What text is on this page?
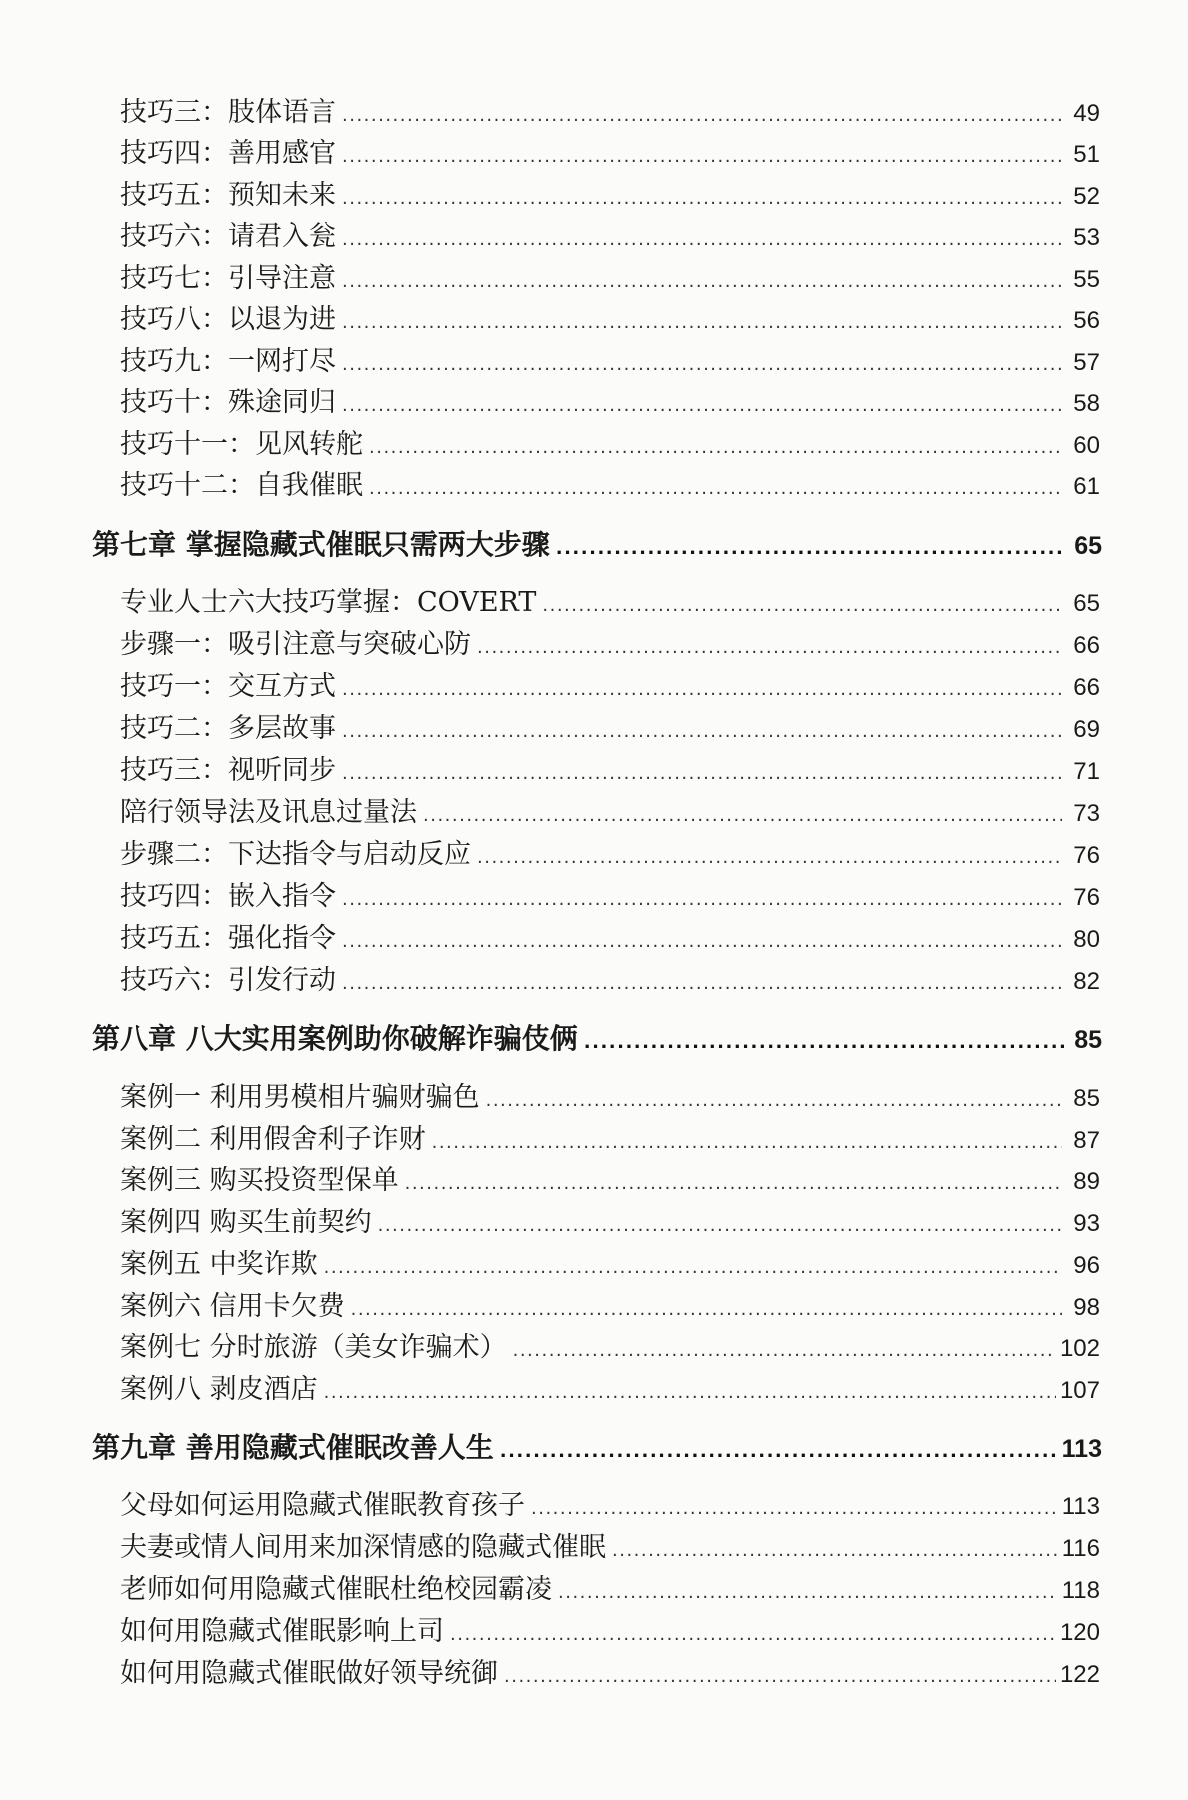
技巧三：肢体语言 .....	49
技巧四：善用感官 .....	51
技巧五：预知未来 .....	52
技巧六：请君入瓮 .....	53
技巧七：引导注意 .....	55
技巧八：以退为进 .....	56
技巧九：一网打尽 .....	57
技巧十：殊途同归 .....	58
技巧十一：见风转舵 .....	60
技巧十二：自我催眠 .....	61
第七章 掌握隐藏式催眠只需两大步骤 .....	65
专业人士六大技巧掌握：COVERT .....	65
步骤一：吸引注意与突破心防 .....	66
技巧一：交互方式 .....	66
技巧二：多层故事 .....	69
技巧三：视听同步 .....	71
陪行领导法及讯息过量法 .....	73
步骤二：下达指令与启动反应 .....	76
技巧四：嵌入指令 .....	76
技巧五：强化指令 .....	80
技巧六：引发行动 .....	82
第八章 八大实用案例助你破解诈骗伎俩 .....	85
案例一 利用男模相片骗财骗色 .....	85
案例二 利用假舍利子诈财 .....	87
案例三 购买投资型保单 .....	89
案例四 购买生前契约 .....	93
案例五 中奖诈欺 .....	96
案例六 信用卡欠费 .....	98
案例七 分时旅游（美女诈骗术） .....	102
案例八 剥皮酒店 .....	107
第九章 善用隐藏式催眠改善人生 .....	113
父母如何运用隐藏式催眠教育孩子 .....	113
夫妻或情人间用来加深情感的隐藏式催眠 .....	116
老师如何用隐藏式催眠杜绝校园霸凌 .....	118
如何用隐藏式催眠影响上司 .....	120
如何用隐藏式催眠做好领导统御 .....	122
